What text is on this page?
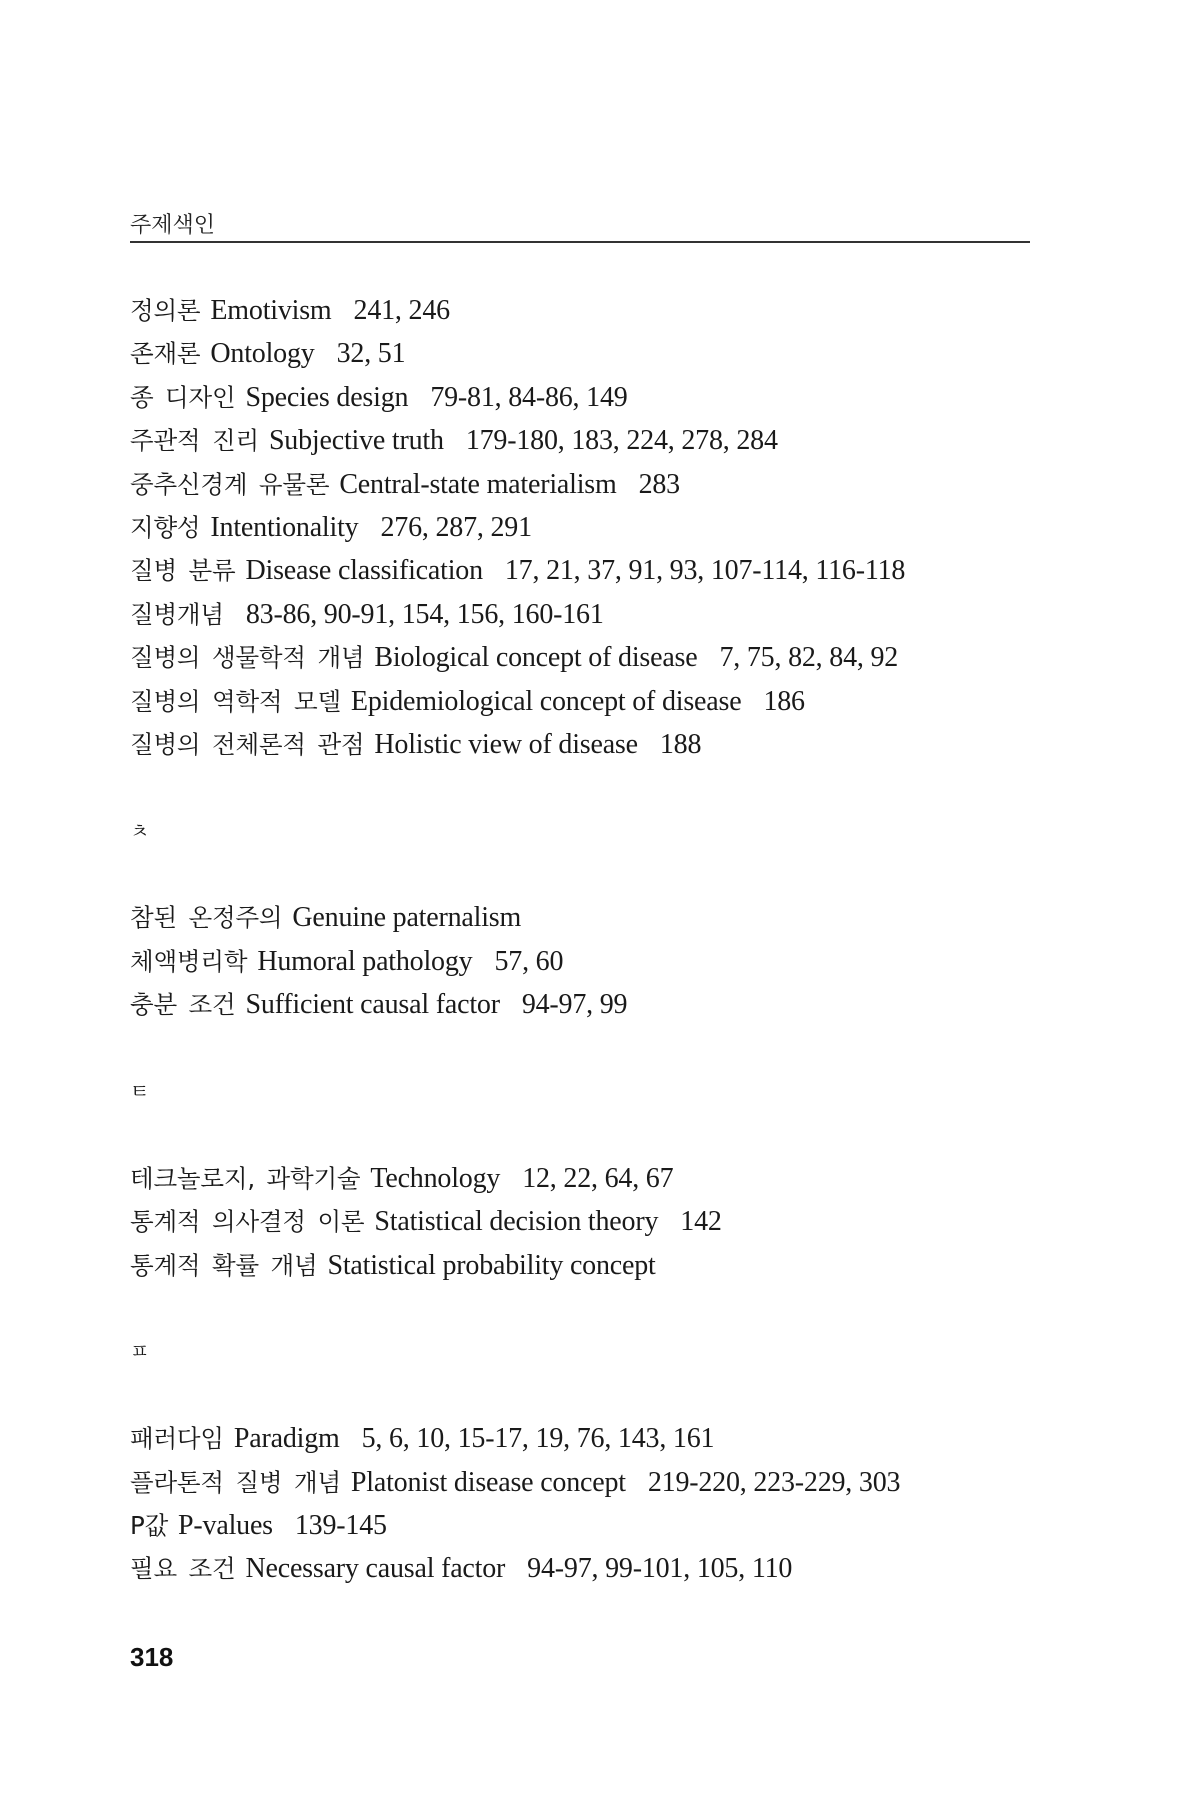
주제색인
정의론 Emotivism 241, 246
존재론 Ontology 32, 51
종 디자인 Species design 79-81, 84-86, 149
주관적 진리 Subjective truth 179-180, 183, 224, 278, 284
중추신경계 유물론 Central-state materialism 283
지향성 Intentionality 276, 287, 291
질병 분류 Disease classification 17, 21, 37, 91, 93, 107-114, 116-118
질병개념 83-86, 90-91, 154, 156, 160-161
질병의 생물학적 개념 Biological concept of disease 7, 75, 82, 84, 92
질병의 역학적 모델 Epidemiological concept of disease 186
질병의 전체론적 관점 Holistic view of disease 188
ㅊ
참된 온정주의 Genuine paternalism
체액병리학 Humoral pathology 57, 60
충분 조건 Sufficient causal factor 94-97, 99
ㅌ
테크놀로지, 과학기술 Technology 12, 22, 64, 67
통계적 의사결정 이론 Statistical decision theory 142
통계적 확률 개념 Statistical probability concept
ㅍ
패러다임 Paradigm 5, 6, 10, 15-17, 19, 76, 143, 161
플라톤적 질병 개념 Platonist disease concept 219-220, 223-229, 303
P값 P-values 139-145
필요 조건 Necessary causal factor 94-97, 99-101, 105, 110
318
